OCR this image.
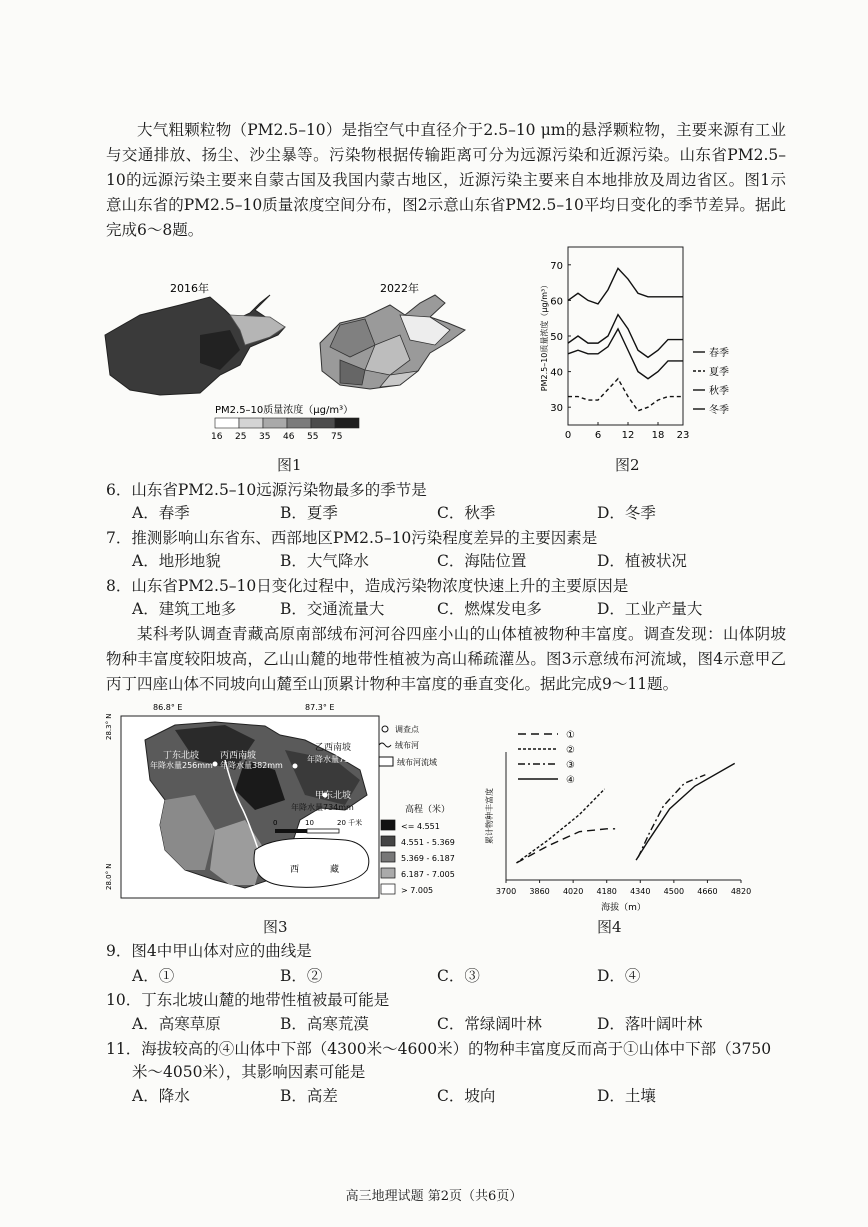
大气粗颗粒物（PM2.5–10）是指空气中直径介于2.5–10 μm的悬浮颗粒物，主要来源有工业与交通排放、扬尘、沙尘暴等。污染物根据传输距离可分为远源污染和近源污染。山东省PM2.5–10的远源污染主要来自蒙古国及我国内蒙古地区，近源污染主要来自本地排放及周边省区。图1示意山东省的PM2.5–10质量浓度空间分布，图2示意山东省PM2.5–10平均日变化的季节差异。据此完成6～8题。
2016年	2022年
PM2.5–10质量浓度（μg/m³）
16 25 35 46 55 75
图1
30
40
50
60
70
0 6 12 18 23
PM2.5–10质量浓度（μg/m³）	春季
夏季
秋季
冬季
图2
6．山东省PM2.5–10远源污染物最多的季节是
A．春季	B．夏季	C．秋季	D．冬季
7．推测影响山东省东、西部地区PM2.5–10污染程度差异的主要因素是
A．地形地貌	B．大气降水	C．海陆位置	D．植被状况
8．山东省PM2.5–10日变化过程中，造成污染物浓度快速上升的主要原因是
A．建筑工地多	B．交通流量大	C．燃煤发电多	D．工业产量大
某科考队调查青藏高原南部绒布河河谷四座小山的山体植被物种丰富度。调查发现：山体阴坡物种丰富度较阳坡高，乙山山麓的地带性植被为高山稀疏灌丛。图3示意绒布河流域，图4示意甲乙丙丁四座山体不同坡向山麓至山顶累计物种丰富度的垂直变化。据此完成9～11题。
86.8° E	87.3° E
28.3° N
28.0° N
丁东北坡
年降水量256mm
丙西南坡
年降水量382mm
乙西南坡
年降水量734mm
甲东北坡
年降水量734mm
0	10	20 千米
西	藏
调查点
绒布河
绒布河流域
高程（米）
<= 4.551
4.551 - 5.369
5.369 - 6.187
6.187 - 7.005
> 7.005
图3
3700 3860 4020 4180 4340 4500 4660 4820
海拔（m）
累计物种丰富度
①
②
③
④
图4
9．图4中甲山体对应的曲线是
A．①	B．②	C．③	D．④
10．丁东北坡山麓的地带性植被最可能是
A．高寒草原	B．高寒荒漠	C．常绿阔叶林	D．落叶阔叶林
11．海拔较高的④山体中下部（4300米～4600米）的物种丰富度反而高于①山体中下部（3750
米～4050米），其影响因素可能是
A．降水	B．高差	C．坡向	D．土壤
高三地理试题 第2页（共6页）
